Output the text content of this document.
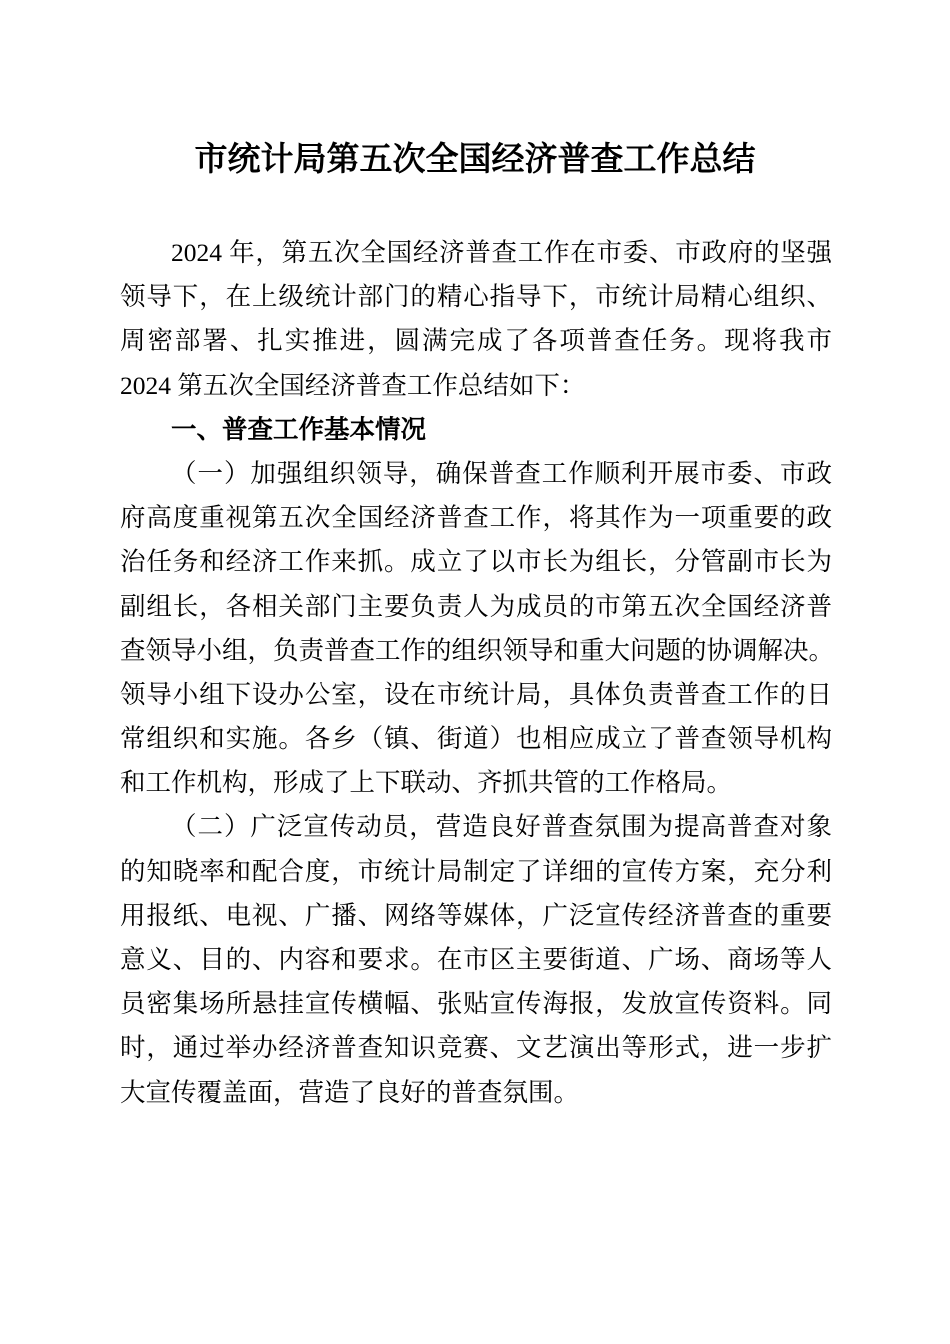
市统计局第五次全国经济普查工作总结
2024 年，第五次全国经济普查工作在市委、市政府的坚强
领导下，在上级统计部门的精心指导下，市统计局精心组织、
周密部署、扎实推进，圆满完成了各项普查任务。现将我市
2024 第五次全国经济普查工作总结如下：
一、普查工作基本情况
（一）加强组织领导，确保普查工作顺利开展市委、市政
府高度重视第五次全国经济普查工作，将其作为一项重要的政
治任务和经济工作来抓。成立了以市长为组长，分管副市长为
副组长，各相关部门主要负责人为成员的市第五次全国经济普
查领导小组，负责普查工作的组织领导和重大问题的协调解决。
领导小组下设办公室，设在市统计局，具体负责普查工作的日
常组织和实施。各乡（镇、街道）也相应成立了普查领导机构
和工作机构，形成了上下联动、齐抓共管的工作格局。
（二）广泛宣传动员，营造良好普查氛围为提高普查对象
的知晓率和配合度，市统计局制定了详细的宣传方案，充分利
用报纸、电视、广播、网络等媒体，广泛宣传经济普查的重要
意义、目的、内容和要求。在市区主要街道、广场、商场等人
员密集场所悬挂宣传横幅、张贴宣传海报，发放宣传资料。同
时，通过举办经济普查知识竞赛、文艺演出等形式，进一步扩
大宣传覆盖面，营造了良好的普查氛围。
